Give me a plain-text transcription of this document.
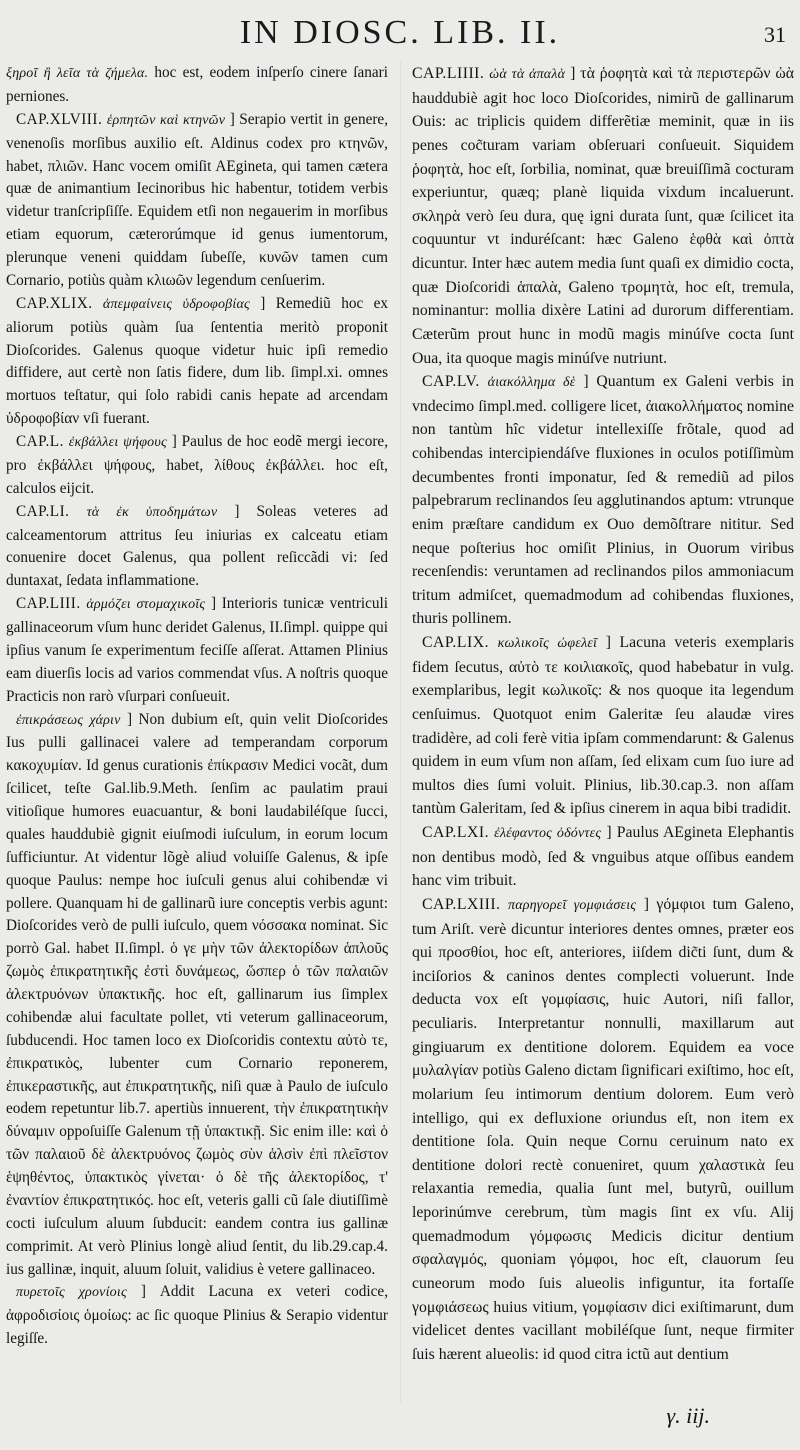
IN DIOSC. LIB. II.	31

ξηροῖ ἢ λεῖα τὰ ζήμελα. hoc est, eodem inſperſo cinere ſanari perniones.

CAP.XLVIII. ἑρπητῶν καὶ κτηνῶν ] Serapio vertit in genere, venenoſis morſibus auxilio eſt. Aldinus codex pro κτηνῶν, habet, πλιῶν. Hanc vocem omiſit AEgineta, qui tamen cætera quæ de animantium Iecinoribus hic habentur, totidem verbis videtur tranſcripſiſſe. Equidem etſi non negauerim in morſibus etiam equorum, cæterorúmque id genus iumentorum, plerunque veneni quiddam ſubeſſe, κυνῶν tamen cum Cornario, potiùs quàm κλιωῶν legendum cenſuerim.

CAP.XLIX. ἀπεμφαίνεις ὑδροφοβίας ] Remediũ hoc ex aliorum potiùs quàm ſua ſententia meritò proponit Dioſcorides. Galenus quoque videtur huic ipſi remedio diffidere, aut certè non ſatis fidere, dum lib. ſimpl.xi. omnes mortuos teſtatur, qui ſolo rabidi canis hepate ad arcendam ὑδροφοβίαν vſi fuerant.

CAP.L. ἐκβάλλει ψήφους ] Paulus de hoc eodẽ mergi iecore, pro ἐκβάλλει ψήφους, habet, λίθους ἐκβάλλει. hoc eſt, calculos eijcit.

CAP.LI. τὰ ἐκ ὑποδημάτων ] Soleas veteres ad calceamentorum attritus ſeu iniurias ex calceatu etiam conuenire docet Galenus, qua pollent reſiccãdi vi: ſed duntaxat, ſedata inflammatione.

CAP.LIII. ἁρμόζει στομαχικοῖς ] Interioris tunicæ ventriculi gallinaceorum vſum hunc deridet Galenus, II.ſimpl. quippe qui ipſius vanum ſe experimentum feciſſe aſſerat. Attamen Plinius eam diuerſis locis ad varios commendat vſus. A noſtris quoque Practicis non rarò vſurpari conſueuit.

ἐπικράσεως χάριν ] Non dubium eſt, quin velit Dioſcorides Ius pulli gallinacei valere ad temperandam corporum κακοχυμίαν. Id genus curationis ἐπίκρασιν Medici vocãt, dum ſcilicet, teſte Gal.lib.9.Meth. ſenſim ac paulatim praui vitioſique humores euacuantur, & boni laudabiléſque ſucci, quales hauddubiè gignit eiuſmodi iuſculum, in eorum locum ſufficiuntur. At videntur lõgè aliud voluiſſe Galenus, & ipſe quoque Paulus: nempe hoc iuſculi genus alui cohibendæ vi pollere. Quanquam hi de gallinarũ iure conceptis verbis agunt: Dioſcorides verò de pulli iuſculo, quem νόσσακα nominat. Sic porrò Gal. habet II.ſimpl. ὁ γε μὴν τῶν ἀλεκτορίδων ἁπλοῦς ζωμὸς ἐπικρατητικῆς ἐστὶ δυνάμεως, ὥσπερ ὁ τῶν παλαιῶν ἀλεκτρυόνων ὑπακτικῆς. hoc eſt, gallinarum ius ſimplex cohibendæ alui facultate pollet, vti veterum gallinaceorum, ſubducendi. Hoc tamen loco ex Dioſcoridis contextu αὐτὸ τε, ἐπικρατικὸς, lubenter cum Cornario reponerem, ἐπικεραστικῆς, aut ἐπικρατητικῆς, niſi quæ à Paulo de iuſculo eodem repetuntur lib.7. apertiùs innuerent, τὴν ἐπικρατητικὴν δύναμιν oppoſuiſſe Galenum τῇ ὑπακτικῇ. Sic enim ille: καὶ ὁ τῶν παλαιοῦ δὲ ἀλεκτρυόνος ζωμὸς σὺν ἁλσὶν ἐπὶ πλεῖστον ἑψηθέντος, ὑπακτικὸς γίνεται· ὁ δὲ τῆς ἀλεκτορίδος, τ' ἐναντίον ἐπικρατητικός. hoc eſt, veteris galli cũ ſale diutiſſimè cocti iuſculum aluum ſubducit: eandem contra ius gallinæ comprimit. At verò Plinius longè aliud ſentit, du lib.29.cap.4. ius gallinæ, inquit, aluum ſoluit, validius è vetere gallinaceo.

πυρετοῖς χρονίοις ] Addit Lacuna ex veteri codice, ἀφροδισίοις ὁμοίως: ac ſic quoque Plinius & Serapio videntur legiſſe.

CAP.LIIII. ὠὰ τὰ ἁπαλὰ ] τὰ ῥοφητὰ καὶ τὰ περιστερῶν ὠὰ hauddubiè agit hoc loco Dioſcorides, nimirũ de gallinarum Ouis: ac triplicis quidem differẽtiæ meminit, quæ in iis penes coc̃turam variam obſeruari conſueuit. Siquidem ῥοφητὰ, hoc eſt, ſorbilia, nominat, quæ breuiſſimã cocturam experiuntur, quæq; planè liquida vixdum incaluerunt. σκληρὰ verò ſeu dura, quę igni durata ſunt, quæ ſcilicet ita coquuntur vt induréſcant: hæc Galeno ἑφθὰ καὶ ὀπτὰ dicuntur. Inter hæc autem media ſunt quaſi ex dimidio cocta, quæ Dioſcoridi ἁπαλὰ, Galeno τρομητὰ, hoc eſt, tremula, nominantur: mollia dixère Latini ad durorum differentiam. Cæterũm prout hunc in modũ magis minúſve cocta ſunt Oua, ita quoque magis minúſve nutriunt.

CAP.LV. ἀιακόλλημα δὲ ] Quantum ex Galeni verbis in vndecimo ſimpl.med. colligere licet, ἀιακολλήματος nomine non tantùm hîc videtur intellexiſſe frõtale, quod ad cohibendas intercipiendáſve fluxiones in oculos potiſſimùm decumbentes fronti imponatur, ſed & remediũ ad pilos palpebrarum reclinandos ſeu agglutinandos aptum: vtrunque enim præſtare candidum ex Ouo demõſtrare nititur. Sed neque poſterius hoc omiſit Plinius, in Ouorum viribus recenſendis: veruntamen ad reclinandos pilos ammoniacum tritum admiſcet, quemadmodum ad cohibendas fluxiones, thuris pollinem.

CAP.LIX. κωλικοῖς ὠφελεῖ ] Lacuna veteris exemplaris fidem ſecutus, αὐτὸ τε κοιλιακοῖς, quod habebatur in vulg. exemplaribus, legit κωλικοῖς: & nos quoque ita legendum cenſuimus. Quotquot enim Galeritæ ſeu alaudæ vires tradidère, ad coli ferè vitia ipſam commendarunt: & Galenus quidem in eum vſum non aſſam, ſed elixam cum ſuo iure ad multos dies ſumi voluit. Plinius, lib.30.cap.3. non aſſam tantùm Galeritam, ſed & ipſius cinerem in aqua bibi tradidit.

CAP.LXI. ἐλέφαντος ὀδόντες ] Paulus AEgineta Elephantis non dentibus modò, ſed & vnguibus atque oſſibus eandem hanc vim tribuit.

CAP.LXIII. παρηγορεῖ γομφιάσεις ] γόμφιοι tum Galeno, tum Ariſt. verè dicuntur interiores dentes omnes, præter eos qui προσθίοι, hoc eſt, anteriores, iiſdem dic̃ti ſunt, dum & inciſorios & caninos dentes complecti voluerunt. Inde deducta vox eſt γομφίασις, huic Autori, niſi fallor, peculiaris. Interpretantur nonnulli, maxillarum aut gingiuarum ex dentitione dolorem. Equidem ea voce μυλαλγίαν potiùs Galeno dictam ſignificari exiſtimo, hoc eſt, molarium ſeu intimorum dentium dolorem. Eum verò intelligo, qui ex defluxione oriundus eſt, non item ex dentitione ſola. Quin neque Cornu ceruinum nato ex dentitione dolori rectè conueniret, quum χαλαστικὰ ſeu relaxantia remedia, qualia ſunt mel, butyrũ, ouillum leporinúmve cerebrum, tùm magis ſint ex vſu. Alij quemadmodum γόμφωσις Medicis dicitur dentium σφαλαγμός, quoniam γόμφοι, hoc eſt, clauorum ſeu cuneorum modo ſuis alueolis infiguntur, ita fortaſſe γομφιάσεως huius vitium, γομφίασιν dici exiſtimarunt, dum videlicet dentes vacillant mobiléſque ſunt, neque firmiter ſuis hærent alueolis: id quod citra ictũ aut dentium

γ. iij.
